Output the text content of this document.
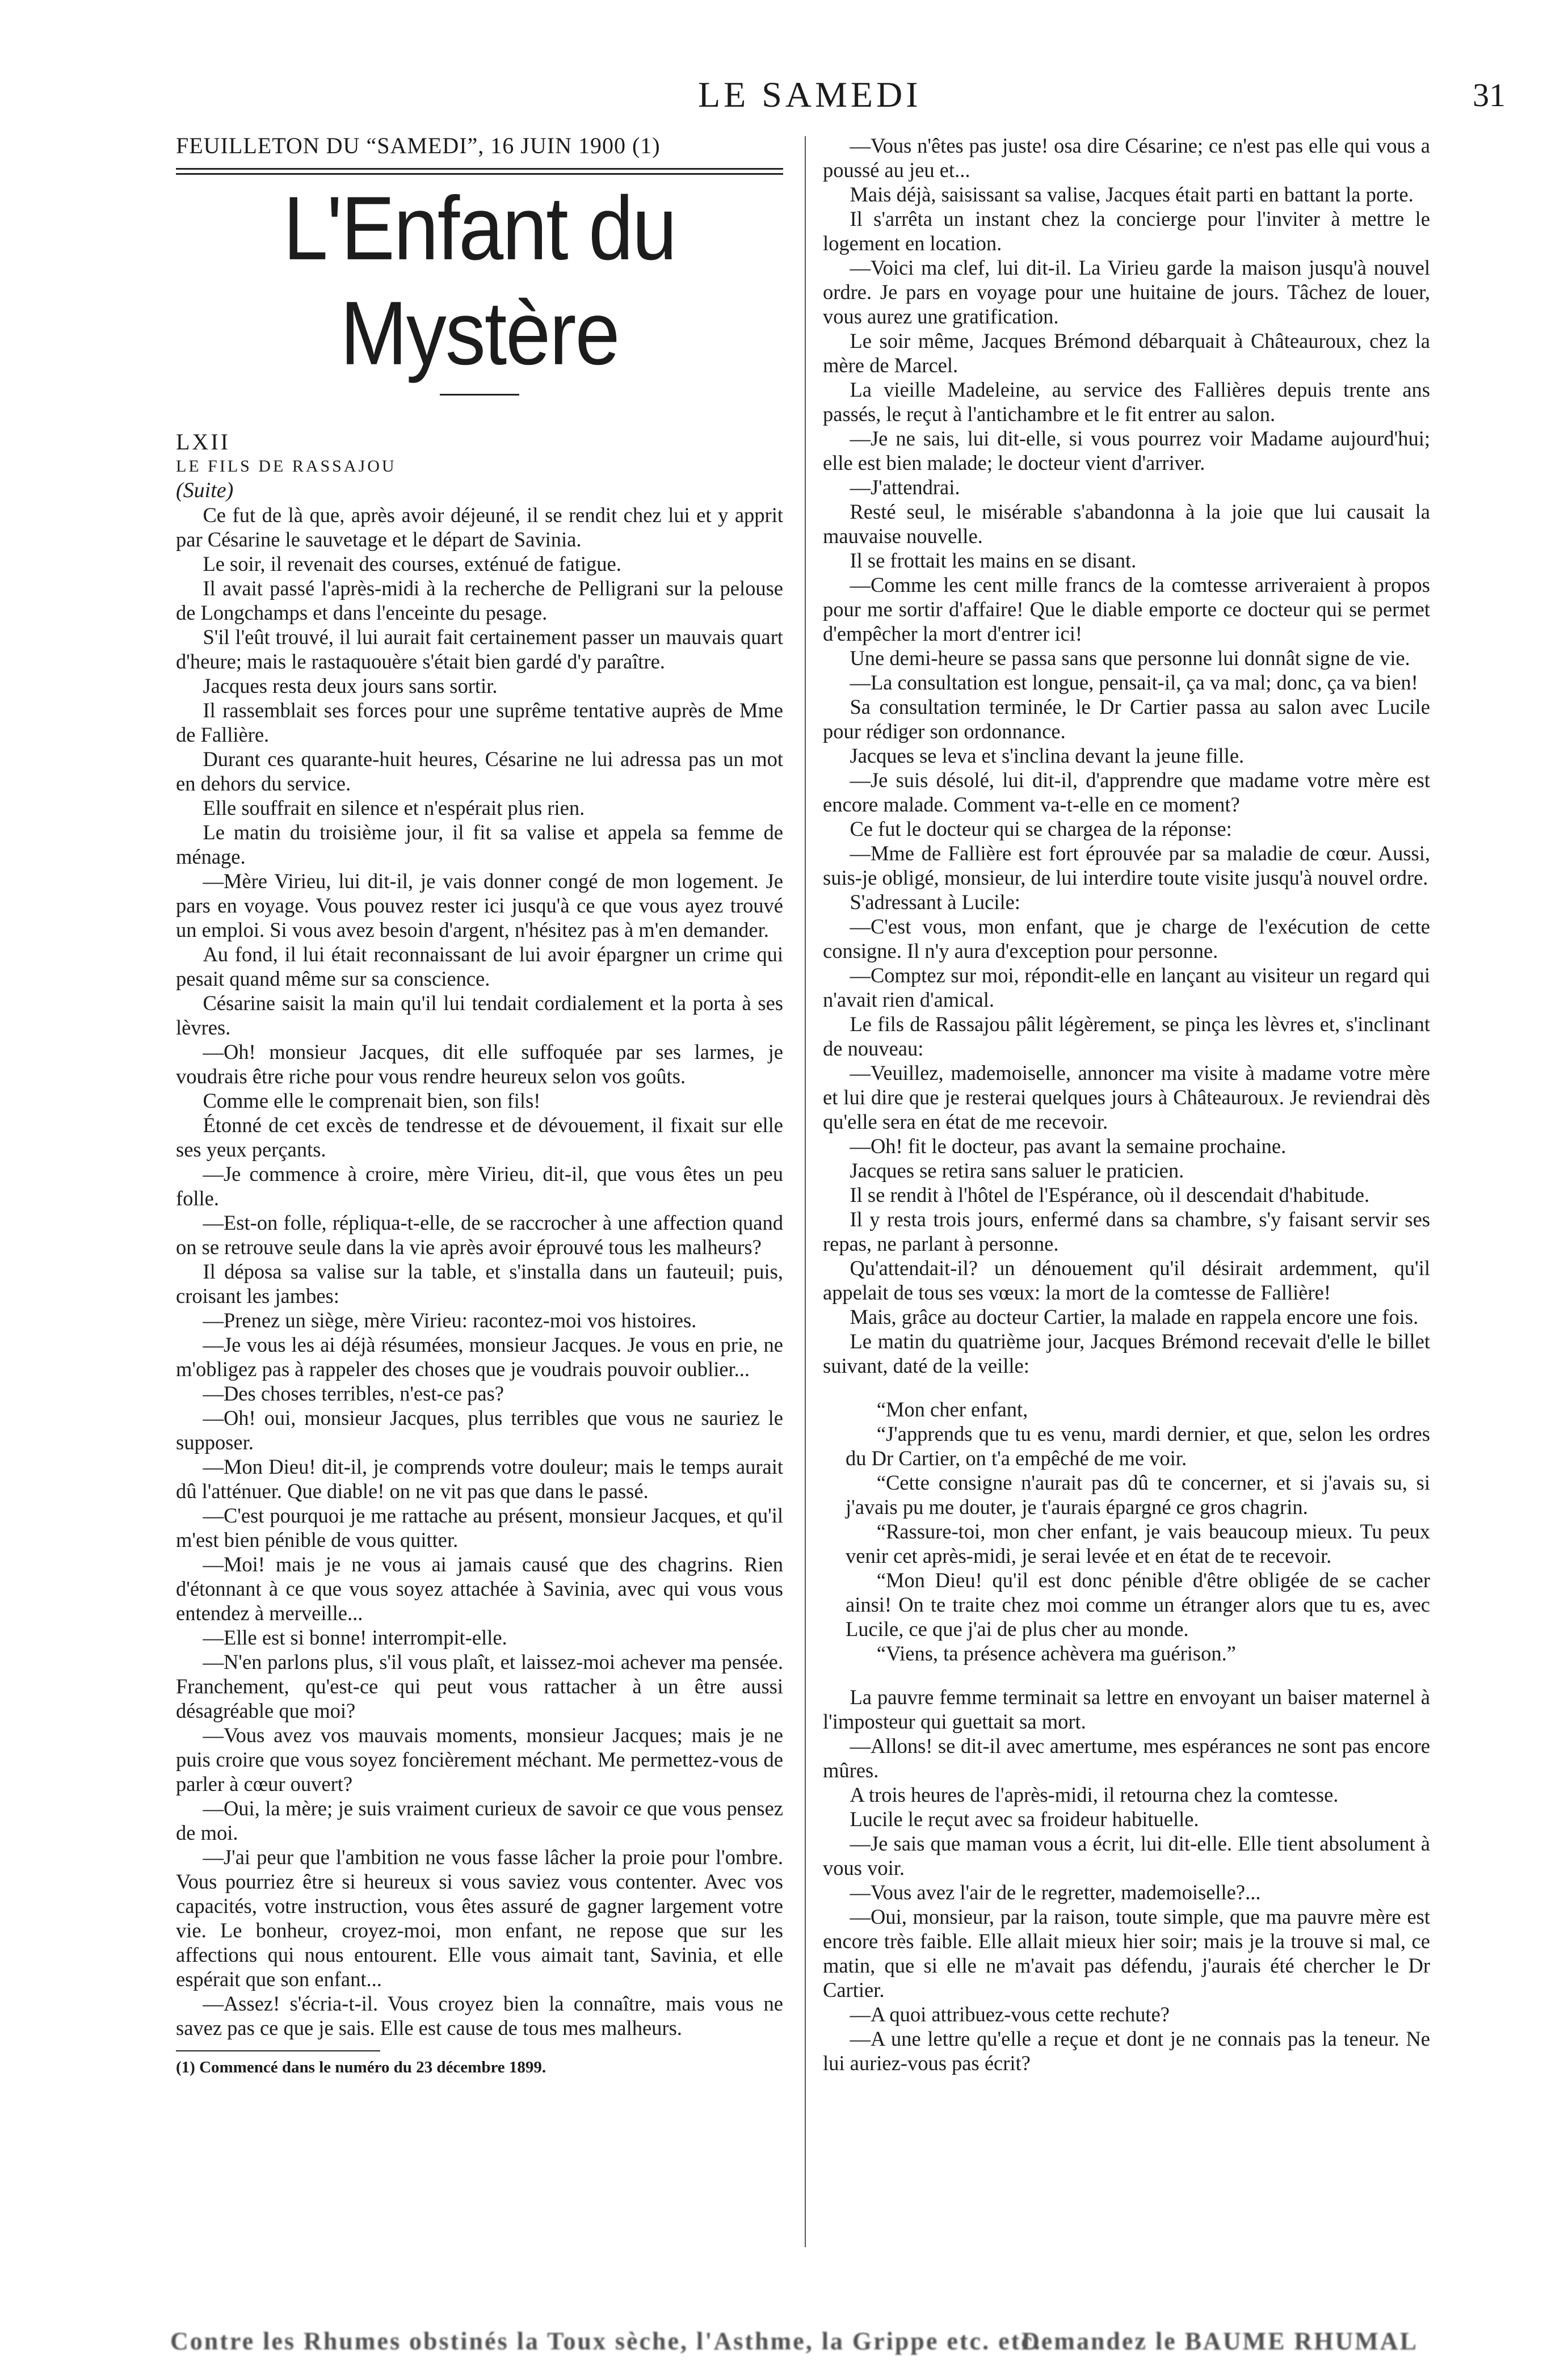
LE SAMEDI	31

FEUILLETON DU “SAMEDI”, 16 JUIN 1900 (1)

L'Enfant du Mystère

LXII

LE FILS DE RASSAJOU

(Suite)

Ce fut de là que, après avoir déjeuné, il se rendit chez lui et y apprit par Césarine le sauvetage et le départ de Savinia.

Le soir, il revenait des courses, exténué de fatigue.

Il avait passé l'après-midi à la recherche de Pelligrani sur la pelouse de Longchamps et dans l'enceinte du pesage.

S'il l'eût trouvé, il lui aurait fait certainement passer un mauvais quart d'heure; mais le rastaquouère s'était bien gardé d'y paraître.

Jacques resta deux jours sans sortir.

Il rassemblait ses forces pour une suprême tentative auprès de Mme de Fallière.

Durant ces quarante-huit heures, Césarine ne lui adressa pas un mot en dehors du service.

Elle souffrait en silence et n'espérait plus rien.

Le matin du troisième jour, il fit sa valise et appela sa femme de ménage.

—Mère Virieu, lui dit-il, je vais donner congé de mon logement. Je pars en voyage. Vous pouvez rester ici jusqu'à ce que vous ayez trouvé un emploi. Si vous avez besoin d'argent, n'hésitez pas à m'en demander.

Au fond, il lui était reconnaissant de lui avoir épargner un crime qui pesait quand même sur sa conscience.

Césarine saisit la main qu'il lui tendait cordialement et la porta à ses lèvres.

—Oh! monsieur Jacques, dit elle suffoquée par ses larmes, je voudrais être riche pour vous rendre heureux selon vos goûts.

Comme elle le comprenait bien, son fils!

Étonné de cet excès de tendresse et de dévouement, il fixait sur elle ses yeux perçants.

—Je commence à croire, mère Virieu, dit-il, que vous êtes un peu folle.

—Est-on folle, répliqua-t-elle, de se raccrocher à une affection quand on se retrouve seule dans la vie après avoir éprouvé tous les malheurs?

Il déposa sa valise sur la table, et s'installa dans un fauteuil; puis, croisant les jambes:

—Prenez un siège, mère Virieu: racontez-moi vos histoires.

—Je vous les ai déjà résumées, monsieur Jacques. Je vous en prie, ne m'obligez pas à rappeler des choses que je voudrais pouvoir oublier...

—Des choses terribles, n'est-ce pas?

—Oh! oui, monsieur Jacques, plus terribles que vous ne sauriez le supposer.

—Mon Dieu! dit-il, je comprends votre douleur; mais le temps aurait dû l'atténuer. Que diable! on ne vit pas que dans le passé.

—C'est pourquoi je me rattache au présent, monsieur Jacques, et qu'il m'est bien pénible de vous quitter.

—Moi! mais je ne vous ai jamais causé que des chagrins. Rien d'étonnant à ce que vous soyez attachée à Savinia, avec qui vous vous entendez à merveille...

—Elle est si bonne! interrompit-elle.

—N'en parlons plus, s'il vous plaît, et laissez-moi achever ma pensée. Franchement, qu'est-ce qui peut vous rattacher à un être aussi désagréable que moi?

—Vous avez vos mauvais moments, monsieur Jacques; mais je ne puis croire que vous soyez foncièrement méchant. Me permettez-vous de parler à cœur ouvert?

—Oui, la mère; je suis vraiment curieux de savoir ce que vous pensez de moi.

—J'ai peur que l'ambition ne vous fasse lâcher la proie pour l'ombre. Vous pourriez être si heureux si vous saviez vous contenter. Avec vos capacités, votre instruction, vous êtes assuré de gagner largement votre vie. Le bonheur, croyez-moi, mon enfant, ne repose que sur les affections qui nous entourent. Elle vous aimait tant, Savinia, et elle espérait que son enfant...

—Assez! s'écria-t-il. Vous croyez bien la connaître, mais vous ne savez pas ce que je sais. Elle est cause de tous mes malheurs.

(1) Commencé dans le numéro du 23 décembre 1899.

—Vous n'êtes pas juste! osa dire Césarine; ce n'est pas elle qui vous a poussé au jeu et...

Mais déjà, saisissant sa valise, Jacques était parti en battant la porte.

Il s'arrêta un instant chez la concierge pour l'inviter à mettre le logement en location.

—Voici ma clef, lui dit-il. La Virieu garde la maison jusqu'à nouvel ordre. Je pars en voyage pour une huitaine de jours. Tâchez de louer, vous aurez une gratification.

Le soir même, Jacques Brémond débarquait à Châteauroux, chez la mère de Marcel.

La vieille Madeleine, au service des Fallières depuis trente ans passés, le reçut à l'antichambre et le fit entrer au salon.

—Je ne sais, lui dit-elle, si vous pourrez voir Madame aujourd'hui; elle est bien malade; le docteur vient d'arriver.

—J'attendrai.

Resté seul, le misérable s'abandonna à la joie que lui causait la mauvaise nouvelle.

Il se frottait les mains en se disant.

—Comme les cent mille francs de la comtesse arriveraient à propos pour me sortir d'affaire! Que le diable emporte ce docteur qui se permet d'empêcher la mort d'entrer ici!

Une demi-heure se passa sans que personne lui donnât signe de vie.

—La consultation est longue, pensait-il, ça va mal; donc, ça va bien!

Sa consultation terminée, le Dr Cartier passa au salon avec Lucile pour rédiger son ordonnance.

Jacques se leva et s'inclina devant la jeune fille.

—Je suis désolé, lui dit-il, d'apprendre que madame votre mère est encore malade. Comment va-t-elle en ce moment?

Ce fut le docteur qui se chargea de la réponse:

—Mme de Fallière est fort éprouvée par sa maladie de cœur. Aussi, suis-je obligé, monsieur, de lui interdire toute visite jusqu'à nouvel ordre.

S'adressant à Lucile:

—C'est vous, mon enfant, que je charge de l'exécution de cette consigne. Il n'y aura d'exception pour personne.

—Comptez sur moi, répondit-elle en lançant au visiteur un regard qui n'avait rien d'amical.

Le fils de Rassajou pâlit légèrement, se pinça les lèvres et, s'inclinant de nouveau:

—Veuillez, mademoiselle, annoncer ma visite à madame votre mère et lui dire que je resterai quelques jours à Châteauroux. Je reviendrai dès qu'elle sera en état de me recevoir.

—Oh! fit le docteur, pas avant la semaine prochaine.

Jacques se retira sans saluer le praticien.

Il se rendit à l'hôtel de l'Espérance, où il descendait d'habitude.

Il y resta trois jours, enfermé dans sa chambre, s'y faisant servir ses repas, ne parlant à personne.

Qu'attendait-il? un dénouement qu'il désirait ardemment, qu'il appelait de tous ses vœux: la mort de la comtesse de Fallière!

Mais, grâce au docteur Cartier, la malade en rappela encore une fois.

Le matin du quatrième jour, Jacques Brémond recevait d'elle le billet suivant, daté de la veille:

“Mon cher enfant,

“J'apprends que tu es venu, mardi dernier, et que, selon les ordres du Dr Cartier, on t'a empêché de me voir.

“Cette consigne n'aurait pas dû te concerner, et si j'avais su, si j'avais pu me douter, je t'aurais épargné ce gros chagrin.

“Rassure-toi, mon cher enfant, je vais beaucoup mieux. Tu peux venir cet après-midi, je serai levée et en état de te recevoir.

“Mon Dieu! qu'il est donc pénible d'être obligée de se cacher ainsi! On te traite chez moi comme un étranger alors que tu es, avec Lucile, ce que j'ai de plus cher au monde.

“Viens, ta présence achèvera ma guérison.”

La pauvre femme terminait sa lettre en envoyant un baiser maternel à l'imposteur qui guettait sa mort.

—Allons! se dit-il avec amertume, mes espérances ne sont pas encore mûres.

A trois heures de l'après-midi, il retourna chez la comtesse.

Lucile le reçut avec sa froideur habituelle.

—Je sais que maman vous a écrit, lui dit-elle. Elle tient absolument à vous voir.

—Vous avez l'air de le regretter, mademoiselle?...

—Oui, monsieur, par la raison, toute simple, que ma pauvre mère est encore très faible. Elle allait mieux hier soir; mais je la trouve si mal, ce matin, que si elle ne m'avait pas défendu, j'aurais été chercher le Dr Cartier.

—A quoi attribuez-vous cette rechute?

—A une lettre qu'elle a reçue et dont je ne connais pas la teneur. Ne lui auriez-vous pas écrit?

Contre les Rhumes obstinés la Toux sèche, l'Asthme, la Grippe etc. etc.
Demandez le BAUME RHUMAL
